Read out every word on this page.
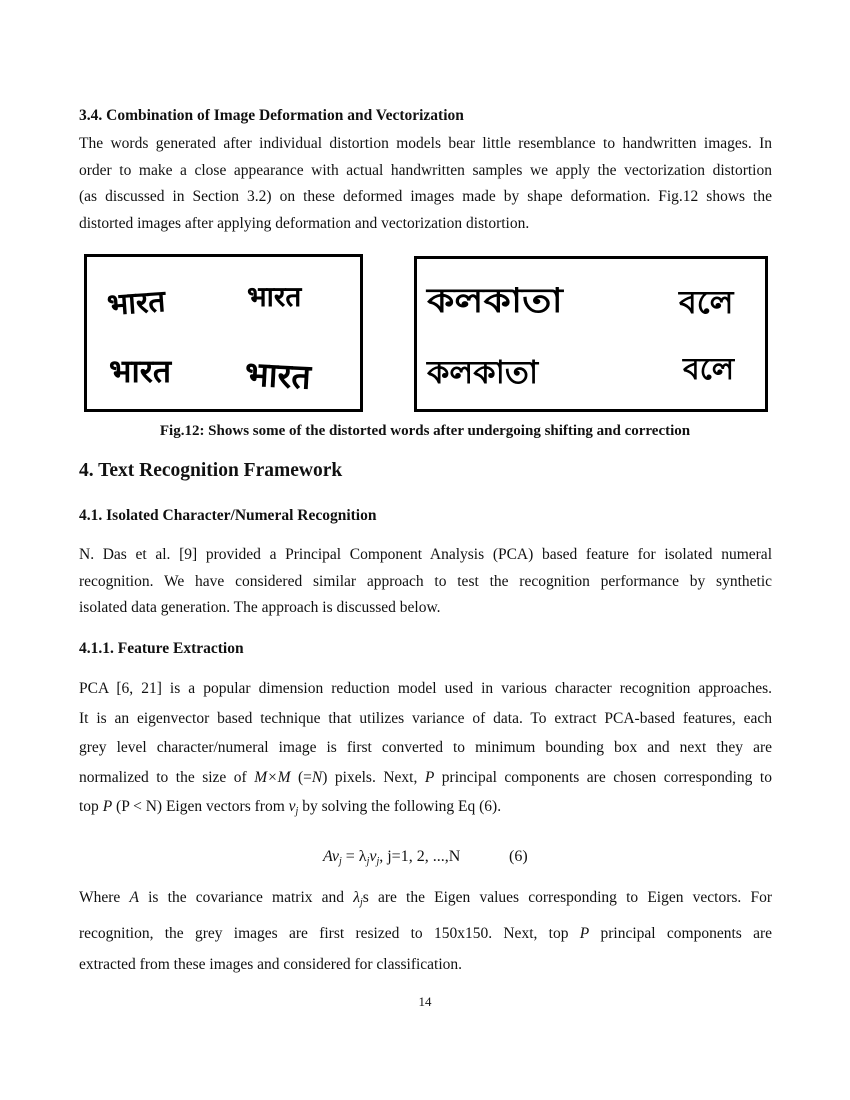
3.4. Combination of Image Deformation and Vectorization
The words generated after individual distortion models bear little resemblance to handwritten images. In
order to make a close appearance with actual handwritten samples we apply the vectorization distortion
(as discussed in Section 3.2) on these deformed images made by shape deformation. Fig.12 shows the
distorted images after applying deformation and vectorization distortion.
भारत	भारत
भारत भारत
কলকাতা	বলে
কলকাতা	বলে
Fig.12: Shows some of the distorted words after undergoing shifting and correction
4. Text Recognition Framework
4.1. Isolated Character/Numeral Recognition
N. Das et al. [9] provided a Principal Component Analysis (PCA) based feature for isolated numeral
recognition. We have considered similar approach to test the recognition performance by synthetic
isolated data generation. The approach is discussed below.
4.1.1. Feature Extraction
PCA [6, 21] is a popular dimension reduction model used in various character recognition approaches.
It is an eigenvector based technique that utilizes variance of data. To extract PCA-based features, each
grey level character/numeral image is first converted to minimum bounding box and next they are
normalized to the size of M×M (=N) pixels. Next, P principal components are chosen corresponding to
top P (P < N) Eigen vectors from $v_j$ by solving the following Eq (6).
$Av_j = \lambda_jv_j$, j=1, 2, ...,N	(6)
Where A is the covariance matrix and $\lambda_js$ are the Eigen values corresponding to Eigen vectors. For
recognition, the grey images are first resized to 150x150. Next, top P principal components are
extracted from these images and considered for classification.
14
